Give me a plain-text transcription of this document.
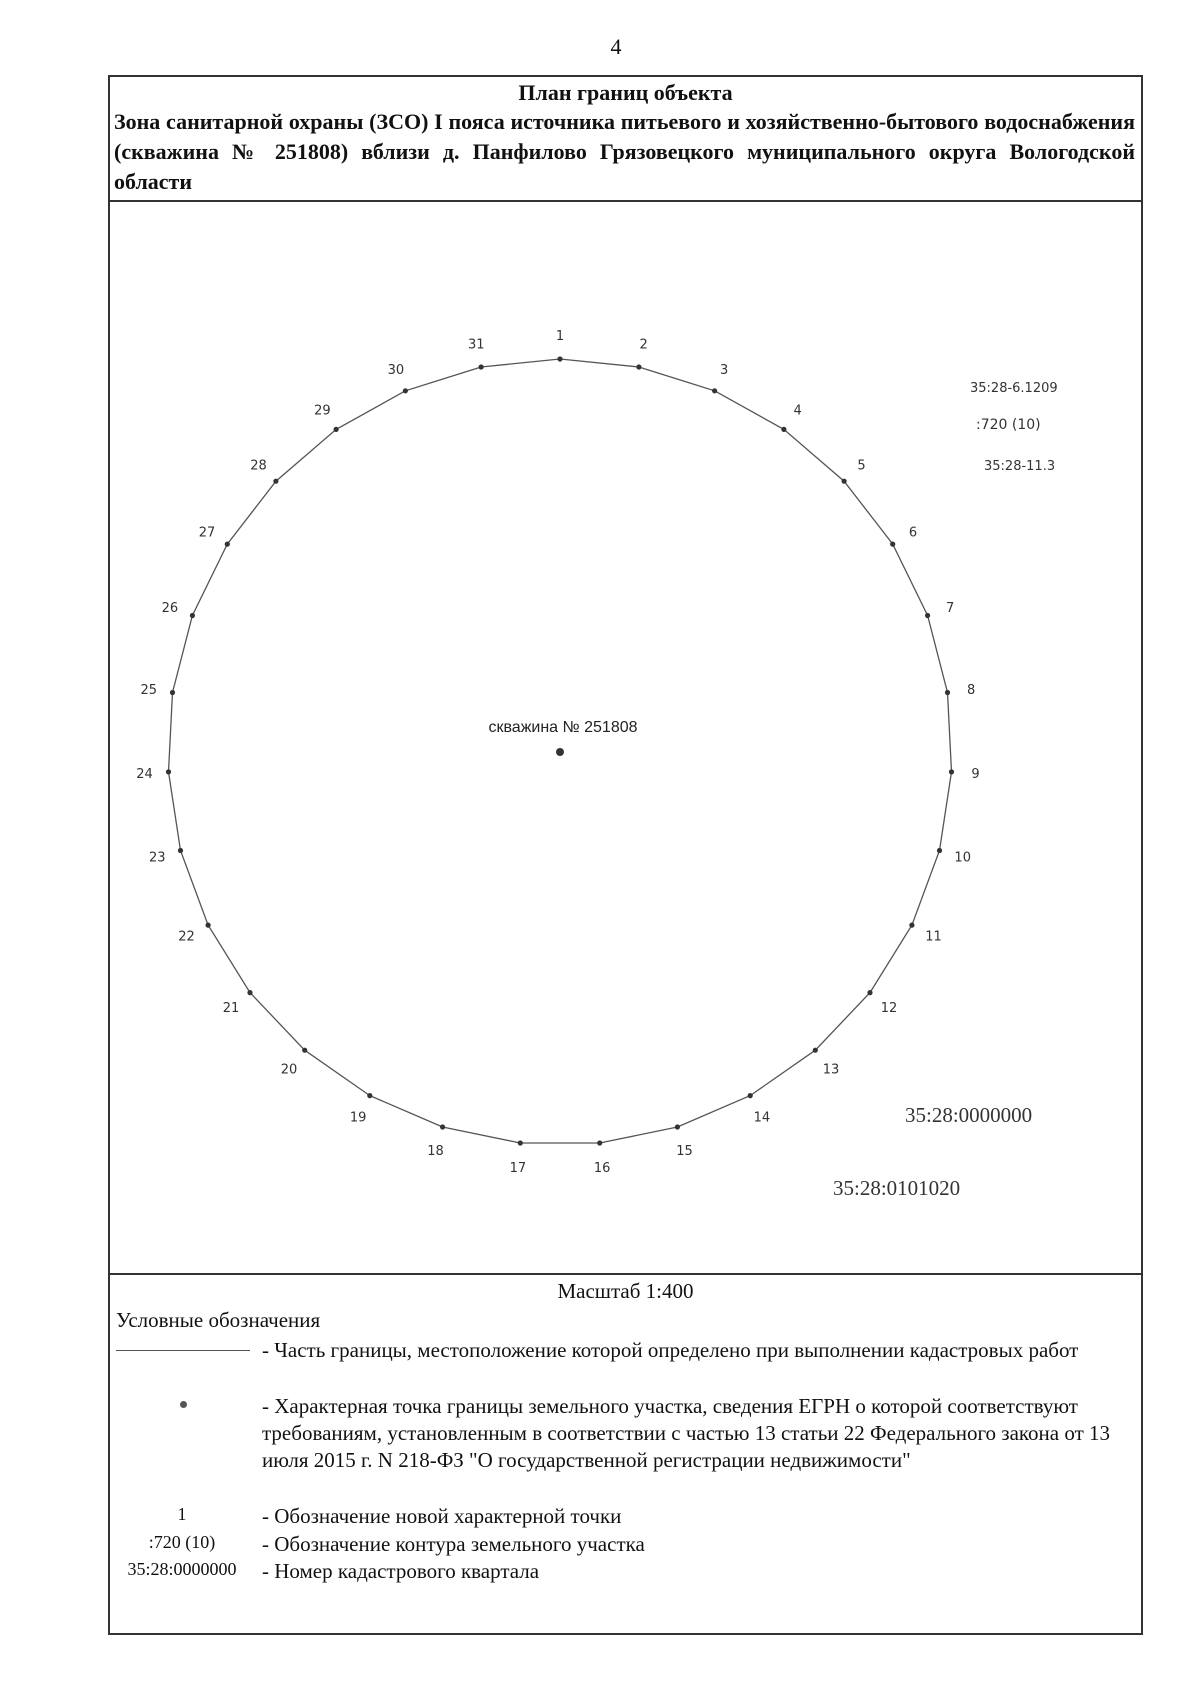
4
План границ объекта
Зона санитарной охраны (ЗСО) I пояса источника питьевого и хозяйственно-бытового водоснабжения (скважина № 251808) вблизи д. Панфилово Грязовецкого муниципального округа Вологодской области
1
2
3
4
5
6
7
8
9
10
11
12
13
14
15
16
17
18
19
20
21
22
23
24
25
26
27
28
29
30
31
скважина № 251808
35:28-6.1209
:720 (10)
35:28-11.3
35:28:0000000
35:28:0101020
Масштаб 1:400
Условные обозначения
- Часть границы, местоположение которой определено при выполнении кадастровых работ
- Характерная точка границы земельного участка, сведения ЕГРН о которой соответствуют требованиям, установленным в соответствии с частью 13 статьи 22 Федерального закона от 13 июля 2015 г. N 218-ФЗ "О государственной регистрации недвижимости"
1	- Обозначение новой характерной точки
:720 (10)	- Обозначение контура земельного участка
35:28:0000000	- Номер кадастрового квартала
